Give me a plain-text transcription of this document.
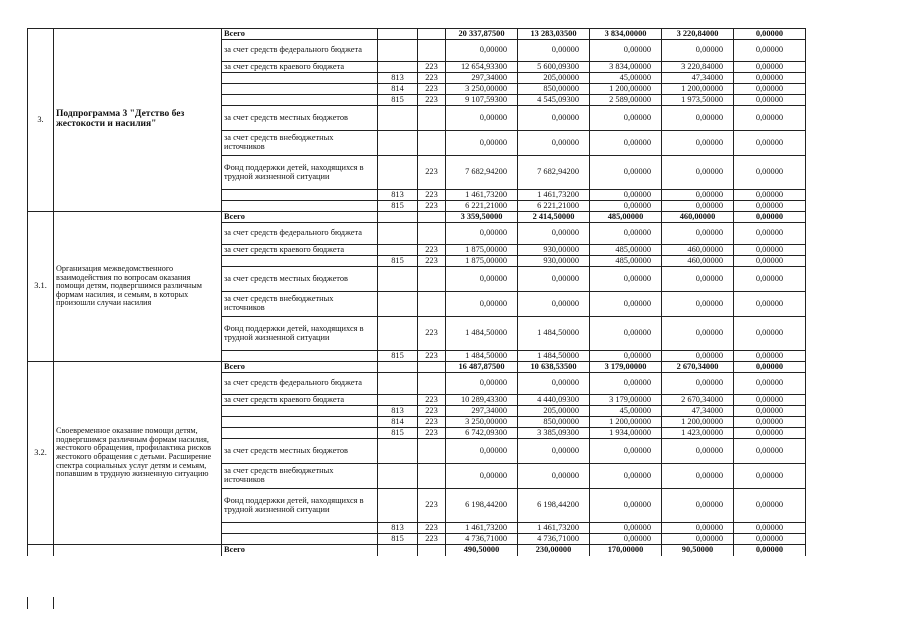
3.	Подпрограмма 3 "Детство без жестокости и насилия"	Всего			20 337,87500	13 283,03500	3 834,00000	3 220,84000	0,00000
		за счет средств федерального бюджета			0,00000	0,00000	0,00000	0,00000	0,00000
		за счет средств краевого бюджета		223	12 654,93300	5 600,09300	3 834,00000	3 220,84000	0,00000
			813	223	297,34000	205,00000	45,00000	47,34000	0,00000
			814	223	3 250,00000	850,00000	1 200,00000	1 200,00000	0,00000
			815	223	9 107,59300	4 545,09300	2 589,00000	1 973,50000	0,00000
		за счет средств местных бюджетов			0,00000	0,00000	0,00000	0,00000	0,00000
		за счет средств внебюджетных источников			0,00000	0,00000	0,00000	0,00000	0,00000
		Фонд поддержки детей, находящихся в трудной жизненной ситуации		223	7 682,94200	7 682,94200	0,00000	0,00000	0,00000
			813	223	1 461,73200	1 461,73200	0,00000	0,00000	0,00000
			815	223	6 221,21000	6 221,21000	0,00000	0,00000	0,00000
3.1.	Организация межведомственного взаимодействия по вопросам оказания помощи детям, подвергшимся различным формам насилия, и семьям, в которых произошли случаи насилия	Всего			3 359,50000	2 414,50000	485,00000	460,00000	0,00000
		за счет средств федерального бюджета			0,00000	0,00000	0,00000	0,00000	0,00000
		за счет средств краевого бюджета		223	1 875,00000	930,00000	485,00000	460,00000	0,00000
			815	223	1 875,00000	930,00000	485,00000	460,00000	0,00000
		за счет средств местных бюджетов			0,00000	0,00000	0,00000	0,00000	0,00000
		за счет средств внебюджетных источников			0,00000	0,00000	0,00000	0,00000	0,00000
		Фонд поддержки детей, находящихся в трудной жизненной ситуации		223	1 484,50000	1 484,50000	0,00000	0,00000	0,00000
			815	223	1 484,50000	1 484,50000	0,00000	0,00000	0,00000
3.2.	Своевременное оказание помощи детям, подвергшимся различным формам насилия, жестокого обращения, профилактика рисков жестокого обращения с детьми. Расширение спектра социальных услуг детям и семьям, попавшим в трудную жизненную ситуацию	Всего			16 487,87500	10 638,53500	3 179,00000	2 670,34000	0,00000
		за счет средств федерального бюджета			0,00000	0,00000	0,00000	0,00000	0,00000
		за счет средств краевого бюджета		223	10 289,43300	4 440,09300	3 179,00000	2 670,34000	0,00000
			813	223	297,34000	205,00000	45,00000	47,34000	0,00000
			814	223	3 250,00000	850,00000	1 200,00000	1 200,00000	0,00000
			815	223	6 742,09300	3 385,09300	1 934,00000	1 423,00000	0,00000
		за счет средств местных бюджетов			0,00000	0,00000	0,00000	0,00000	0,00000
		за счет средств внебюджетных источников			0,00000	0,00000	0,00000	0,00000	0,00000
		Фонд поддержки детей, находящихся в трудной жизненной ситуации		223	6 198,44200	6 198,44200	0,00000	0,00000	0,00000
			813	223	1 461,73200	1 461,73200	0,00000	0,00000	0,00000
			815	223	4 736,71000	4 736,71000	0,00000	0,00000	0,00000
		Всего			490,50000	230,00000	170,00000	90,50000	0,00000
